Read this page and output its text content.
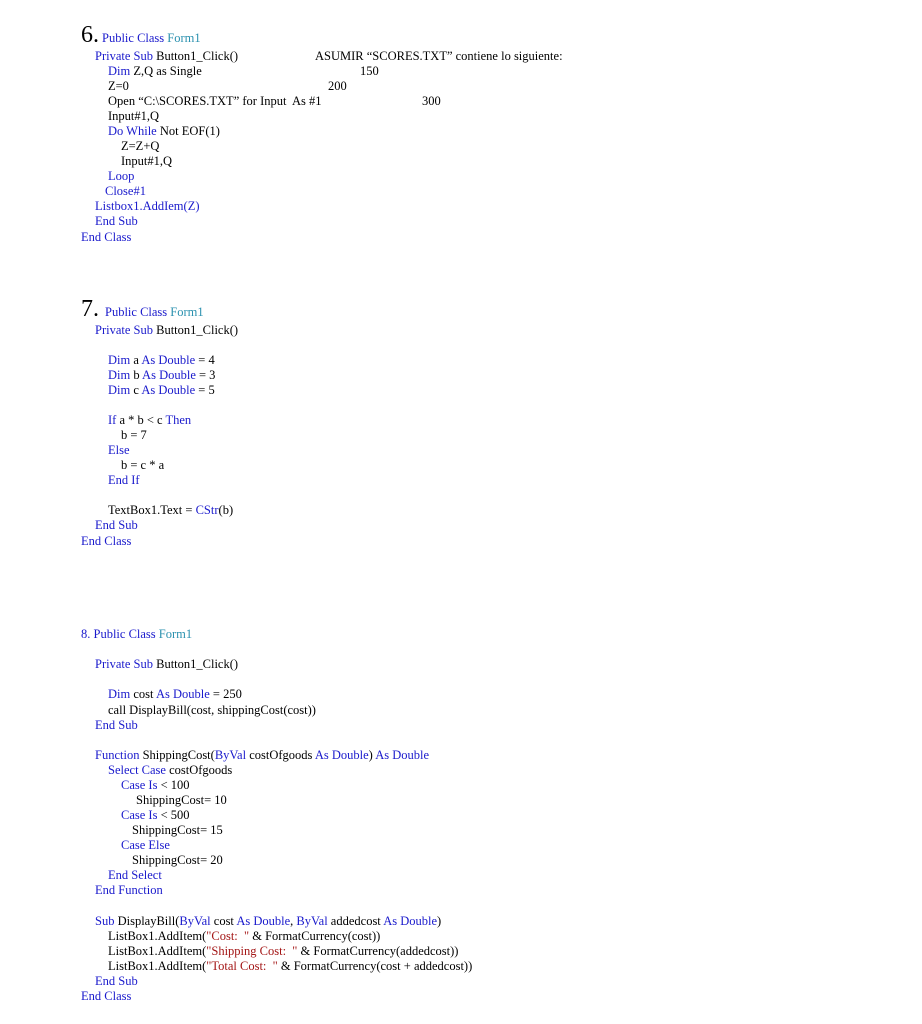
6. Public Class Form1
Private Sub Button1_Click()	ASUMIR “SCORES.TXT” contiene lo siguiente:
Dim Z,Q as Single	150
Z=0	200
Open “C:\SCORES.TXT” for Input  As #1	300
Input#1,Q
Do While Not EOF(1)
Z=Z+Q
Input#1,Q
Loop
Close#1
Listbox1.AddIem(Z)
End Sub
End Class
7. Public Class Form1
Private Sub Button1_Click()
Dim a As Double = 4
Dim b As Double = 3
Dim c As Double = 5
If a * b < c Then
b = 7
Else
b = c * a
End If
TextBox1.Text = CStr(b)
End Sub
End Class
8. Public Class Form1
Private Sub Button1_Click()
Dim cost As Double = 250
call DisplayBill(cost, shippingCost(cost))
End Sub
Function ShippingCost(ByVal costOfgoods As Double) As Double
Select Case costOfgoods
Case Is < 100
ShippingCost= 10
Case Is < 500
ShippingCost= 15
Case Else
ShippingCost= 20
End Select
End Function
Sub DisplayBill(ByVal cost As Double, ByVal addedcost As Double)
ListBox1.AddItem("Cost:  " & FormatCurrency(cost))
ListBox1.AddItem("Shipping Cost:  " & FormatCurrency(addedcost))
ListBox1.AddItem("Total Cost:  " & FormatCurrency(cost + addedcost))
End Sub
End Class
